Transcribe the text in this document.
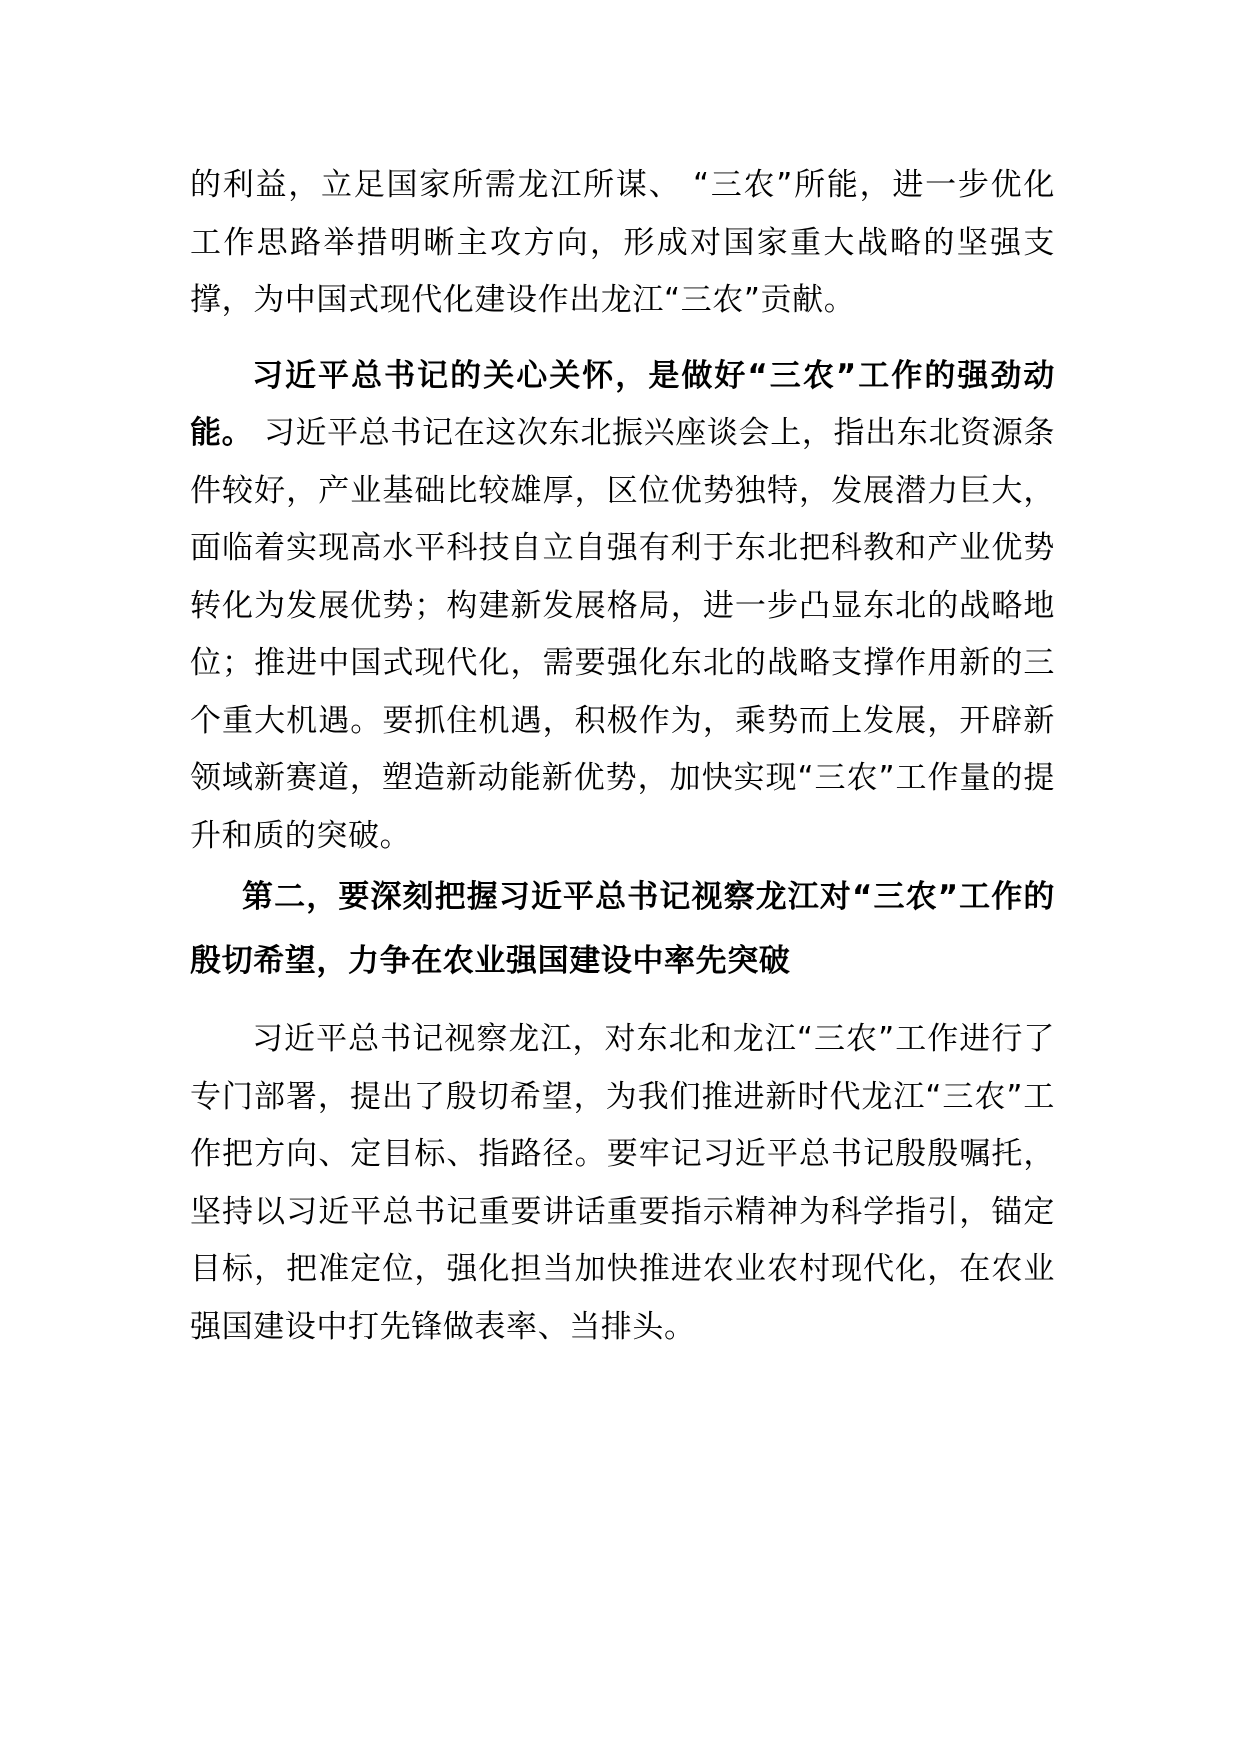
的利益，立足国家所需龙江所谋、 “三农”所能，进一步优化工作思路举措明晰主攻方向，形成对国家重大战略的坚强支撑，为中国式现代化建设作出龙江“三农”贡献。

习近平总书记的关心关怀，是做好“三农”工作的强劲动能。 习近平总书记在这次东北振兴座谈会上，指出东北资源条件较好，产业基础比较雄厚，区位优势独特，发展潜力巨大，面临着实现高水平科技自立自强有利于东北把科教和产业优势转化为发展优势；构建新发展格局，进一步凸显东北的战略地位；推进中国式现代化，需要强化东北的战略支撑作用新的三个重大机遇。要抓住机遇，积极作为，乘势而上发展，开辟新领域新赛道，塑造新动能新优势，加快实现“三农”工作量的提升和质的突破。

第二，要深刻把握习近平总书记视察龙江对“三农”工作的殷切希望，力争在农业强国建设中率先突破

习近平总书记视察龙江，对东北和龙江“三农”工作进行了专门部署，提出了殷切希望，为我们推进新时代龙江“三农”工作把方向、定目标、指路径。要牢记习近平总书记殷殷嘱托，坚持以习近平总书记重要讲话重要指示精神为科学指引，锚定目标，把准定位，强化担当加快推进农业农村现代化，在农业强国建设中打先锋做表率、当排头。
